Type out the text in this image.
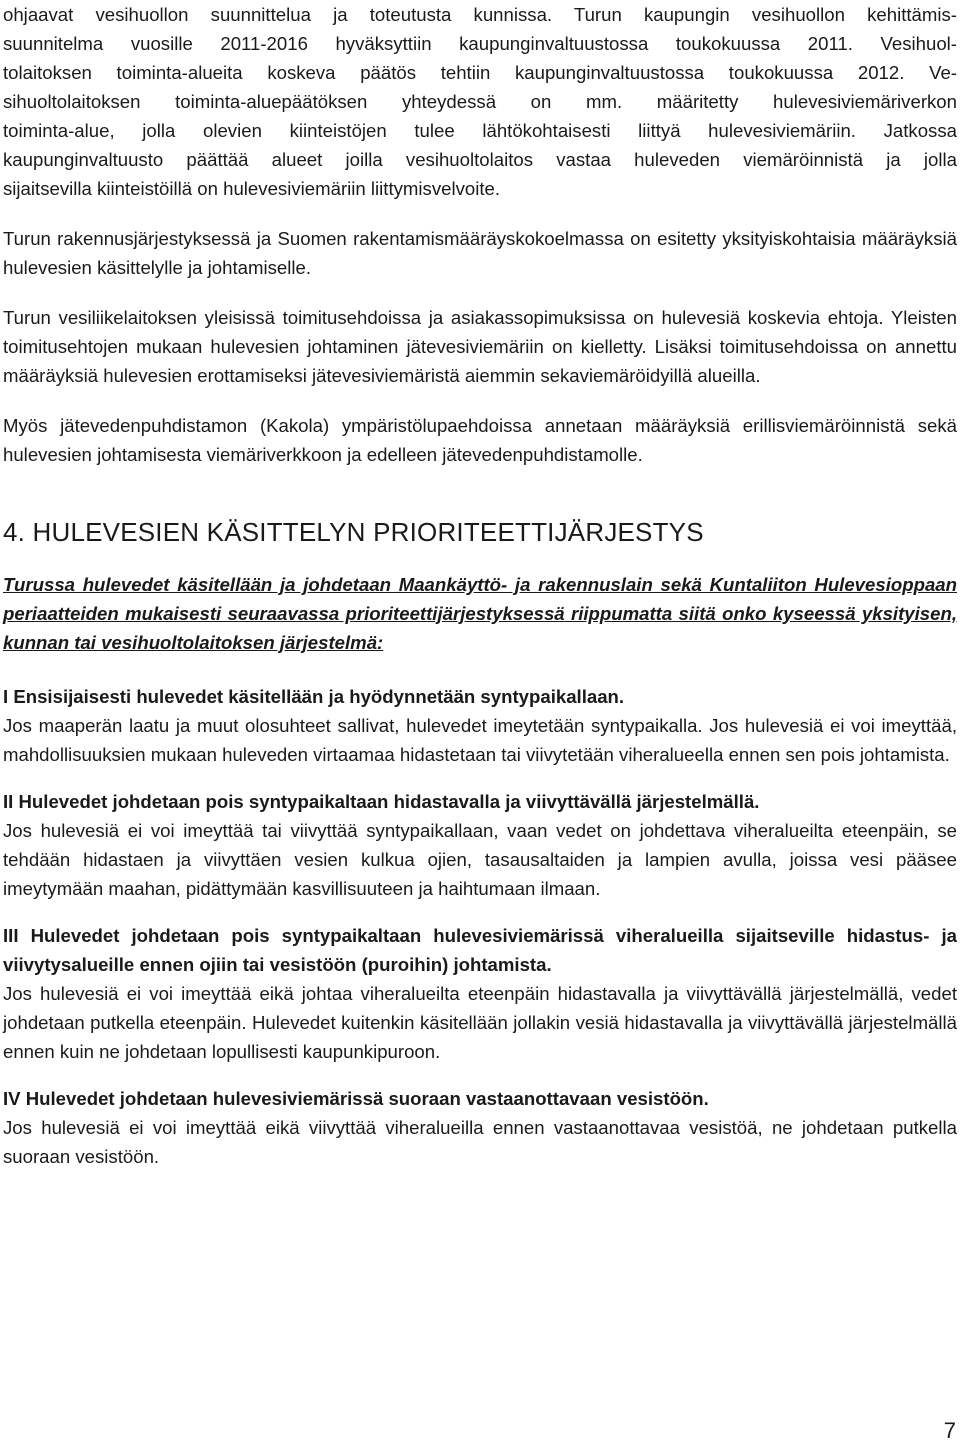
ohjaavat vesihuollon suunnittelua ja toteutusta kunnissa. Turun kaupungin vesihuollon kehittämis-
suunnitelma vuosille 2011-2016 hyväksyttiin kaupunginvaltuustossa toukokuussa 2011. Vesihuol-
tolaitoksen toiminta-alueita koskeva päätös tehtiin kaupunginvaltuustossa toukokuussa 2012. Ve-
sihuoltolaitoksen toiminta-aluepäätöksen yhteydessä on mm. määritetty hulevesiviemäriverkon
toiminta-alue, jolla olevien kiinteistöjen tulee lähtökohtaisesti liittyä hulevesiviemäriin. Jatkossa
kaupunginvaltuusto päättää alueet joilla vesihuoltolaitos vastaa huleveden viemäröinnistä ja jolla
sijaitsevilla kiinteistöillä on hulevesiviemäriin liittymisvelvoite.

Turun rakennusjärjestyksessä ja Suomen rakentamismääräyskokoelmassa on esitetty yksityiskohtaisia määräyksiä hulevesien käsittelylle ja johtamiselle.

Turun vesiliikelaitoksen yleisissä toimitusehdoissa ja asiakassopimuksissa on hulevesiä koskevia ehtoja. Yleisten toimitusehtojen mukaan hulevesien johtaminen jätevesiviemäriin on kielletty. Lisäksi toimitusehdoissa on annettu määräyksiä hulevesien erottamiseksi jätevesiviemäristä aiemmin sekaviemäröidyillä alueilla.

Myös jätevedenpuhdistamon (Kakola) ympäristölupaehdoissa annetaan määräyksiä erillisviemäröinnistä sekä hulevesien johtamisesta viemäriverkkoon ja edelleen jätevedenpuhdistamolle.

4. HULEVESIEN KÄSITTELYN PRIORITEETTIJÄRJESTYS

Turussa hulevedet käsitellään ja johdetaan Maankäyttö- ja rakennuslain sekä Kuntaliiton Hulevesioppaan periaatteiden mukaisesti seuraavassa prioriteettijärjestyksessä riippumatta siitä onko kyseessä yksityisen, kunnan tai vesihuoltolaitoksen järjestelmä:

I Ensisijaisesti hulevedet käsitellään ja hyödynnetään syntypaikallaan.

Jos maaperän laatu ja muut olosuhteet sallivat, hulevedet imeytetään syntypaikalla. Jos hulevesiä ei voi imeyttää, mahdollisuuksien mukaan huleveden virtaamaa hidastetaan tai viivytetään viheralueella ennen sen pois johtamista.

II Hulevedet johdetaan pois syntypaikaltaan hidastavalla ja viivyttävällä järjestelmällä.

Jos hulevesiä ei voi imeyttää tai viivyttää syntypaikallaan, vaan vedet on johdettava viheralueilta eteenpäin, se tehdään hidastaen ja viivyttäen vesien kulkua ojien, tasausaltaiden ja lampien avulla, joissa vesi pääsee imeytymään maahan, pidättymään kasvillisuuteen ja haihtumaan ilmaan.

III Hulevedet johdetaan pois syntypaikaltaan hulevesiviemärissä viheralueilla sijaitseville hidastus- ja viivytysalueille ennen ojiin tai vesistöön (puroihin) johtamista.

Jos hulevesiä ei voi imeyttää eikä johtaa viheralueilta eteenpäin hidastavalla ja viivyttävällä järjestelmällä, vedet johdetaan putkella eteenpäin. Hulevedet kuitenkin käsitellään jollakin vesiä hidastavalla ja viivyttävällä järjestelmällä ennen kuin ne johdetaan lopullisesti kaupunkipuroon.

IV Hulevedet johdetaan hulevesiviemärissä suoraan vastaanottavaan vesistöön.

Jos hulevesiä ei voi imeyttää eikä viivyttää viheralueilla ennen vastaanottavaa vesistöä, ne johdetaan putkella suoraan vesistöön.

7
